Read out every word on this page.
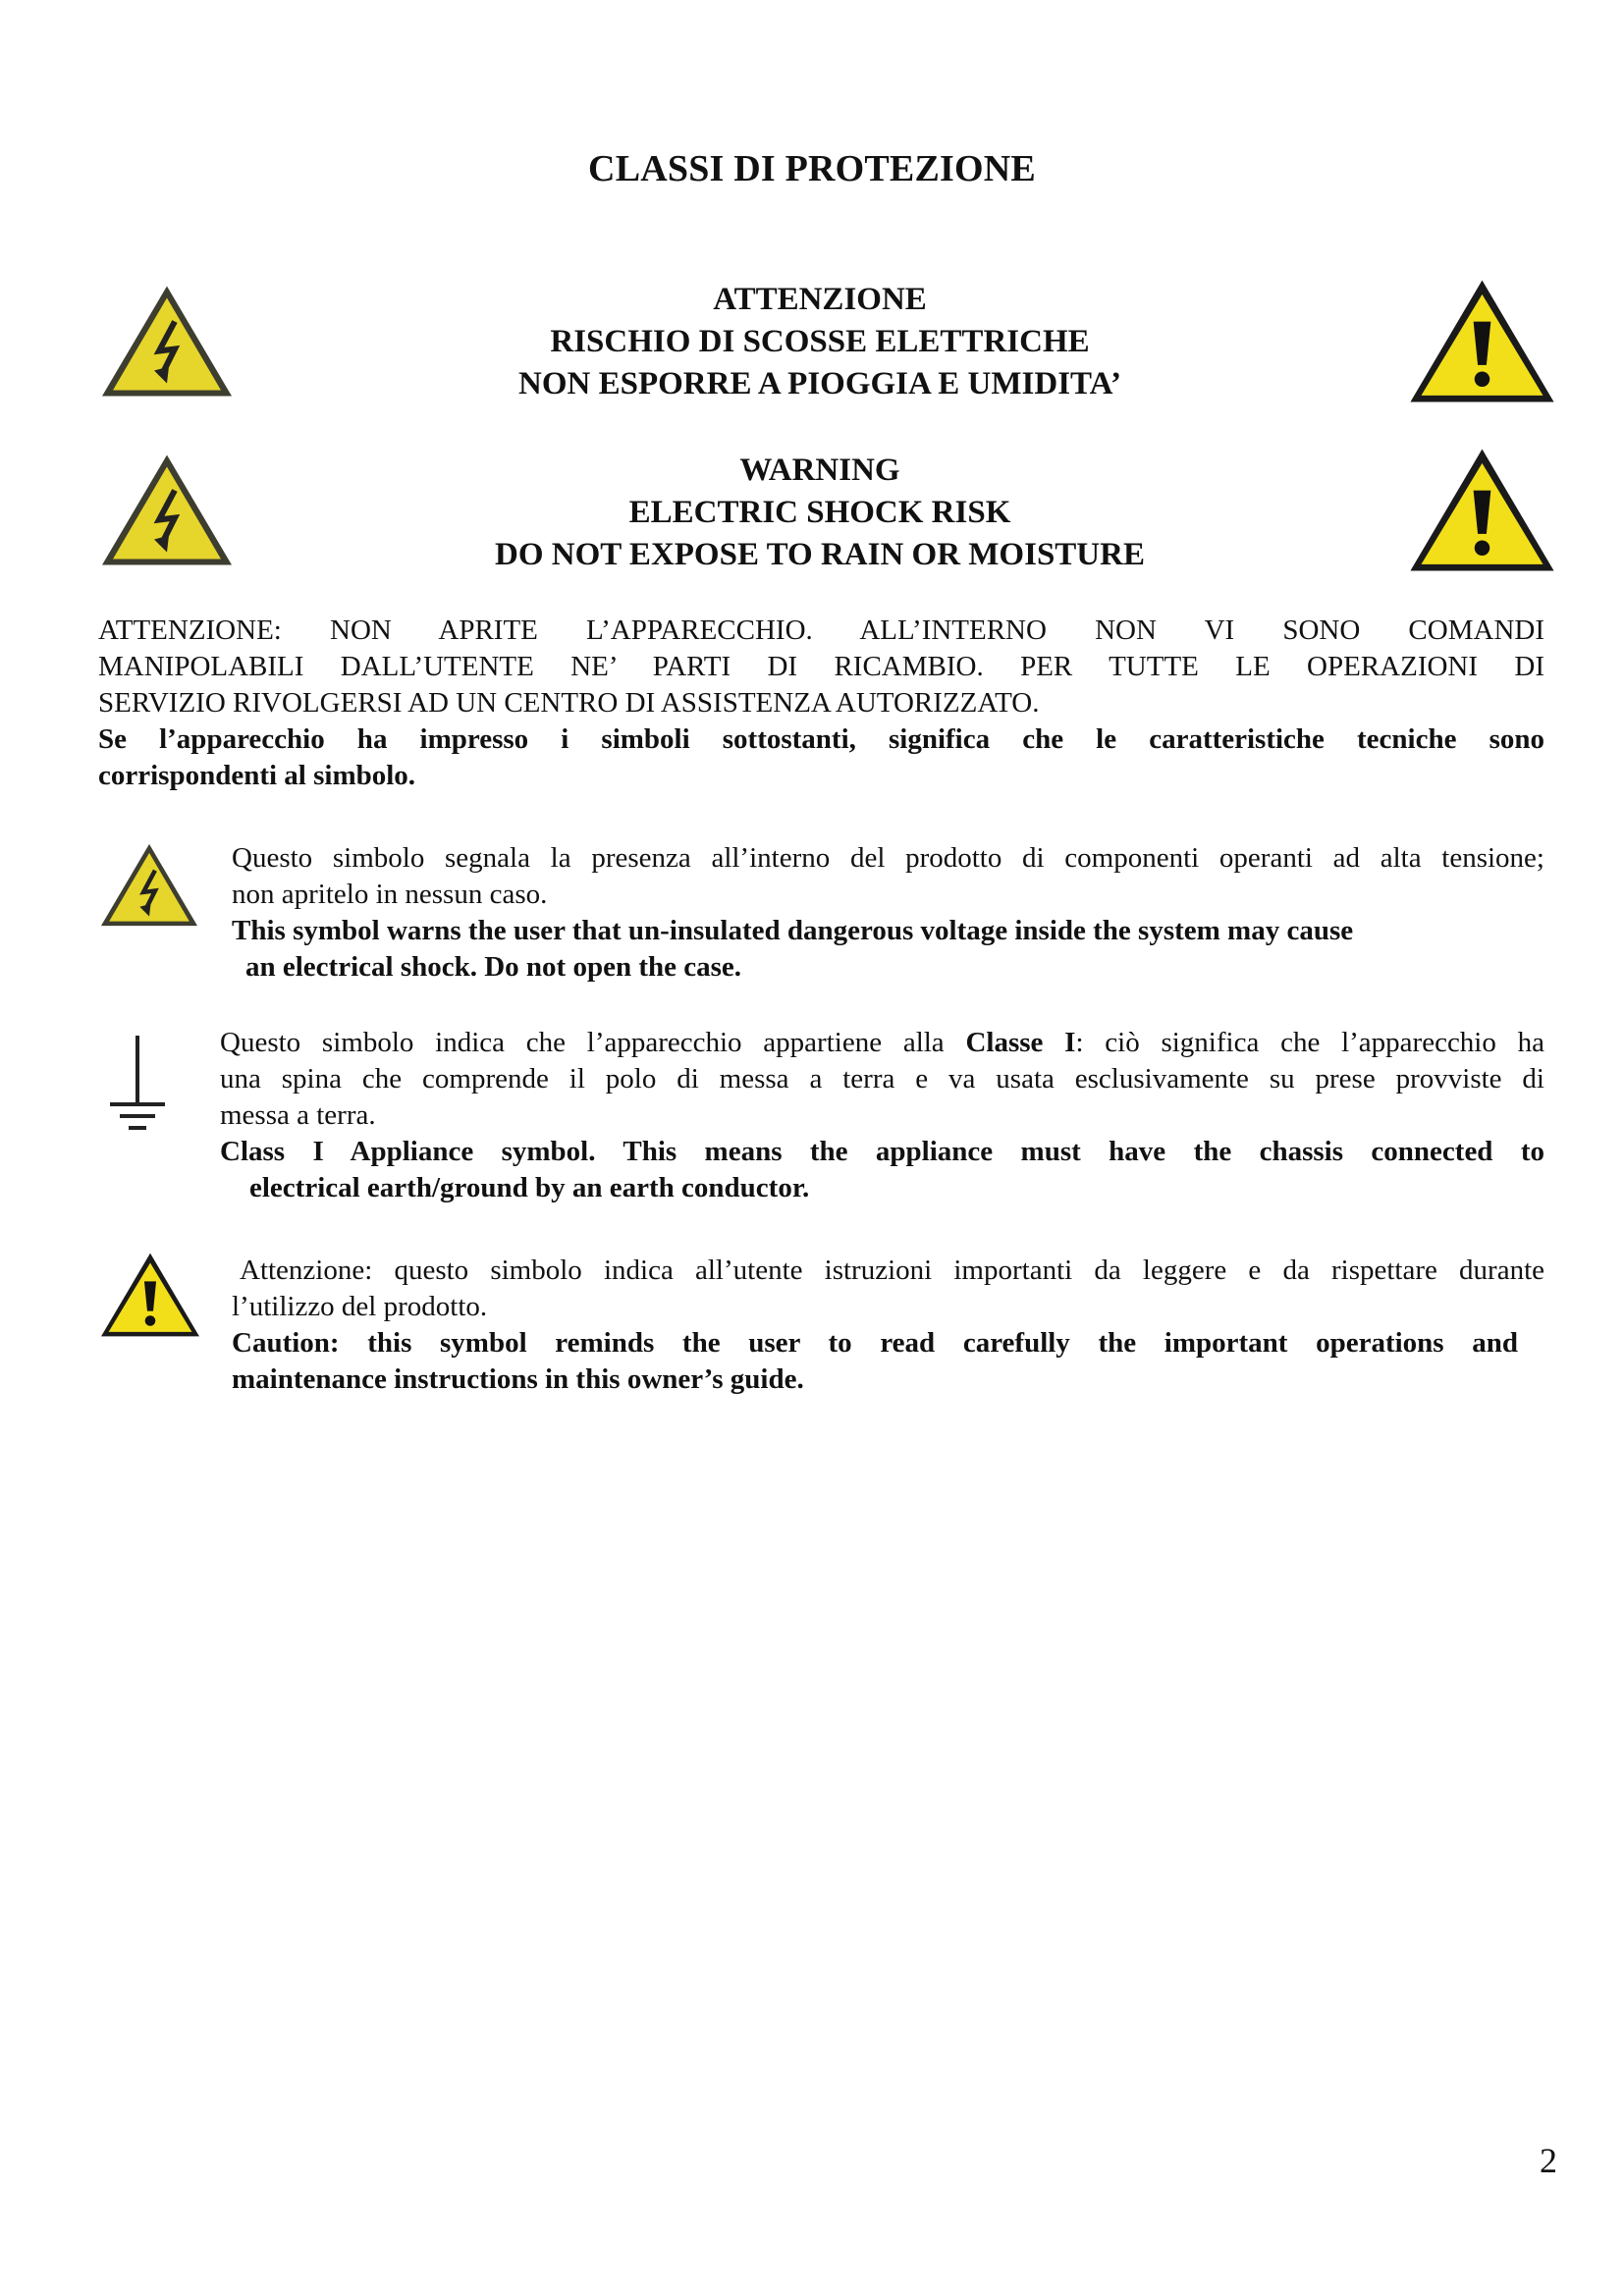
CLASSI DI PROTEZIONE
ATTENZIONE
RISCHIO DI SCOSSE ELETTRICHE
NON ESPORRE A PIOGGIA E UMIDITA’
WARNING
ELECTRIC SHOCK RISK
DO NOT EXPOSE TO RAIN OR MOISTURE
ATTENZIONE: NON APRITE L’APPARECCHIO. ALL’INTERNO NON VI SONO COMANDI
MANIPOLABILI DALL’UTENTE NE’ PARTI DI RICAMBIO. PER TUTTE LE OPERAZIONI DI
SERVIZIO RIVOLGERSI AD UN CENTRO DI ASSISTENZA AUTORIZZATO.
Se l’apparecchio ha impresso i simboli sottostanti, significa che le caratteristiche tecniche sono
corrispondenti al simbolo.
Questo simbolo segnala la presenza all’interno del prodotto di componenti operanti ad alta tensione;
non apritelo in nessun caso.
This symbol warns the user that un-insulated dangerous voltage inside the system may cause
an electrical shock. Do not open the case.
Questo simbolo indica che l’apparecchio appartiene alla Classe I: ciò significa che l’apparecchio ha
una spina che comprende il polo di messa a terra e va usata esclusivamente su prese provviste di
messa a terra.
Class I Appliance symbol. This means the appliance must have the chassis connected to
electrical earth/ground by an earth conductor.
Attenzione: questo simbolo indica all’utente istruzioni importanti da leggere e da rispettare durante
l’utilizzo del prodotto.
Caution: this symbol reminds the user to read carefully the important operations and
maintenance instructions in this owner’s guide.
2
